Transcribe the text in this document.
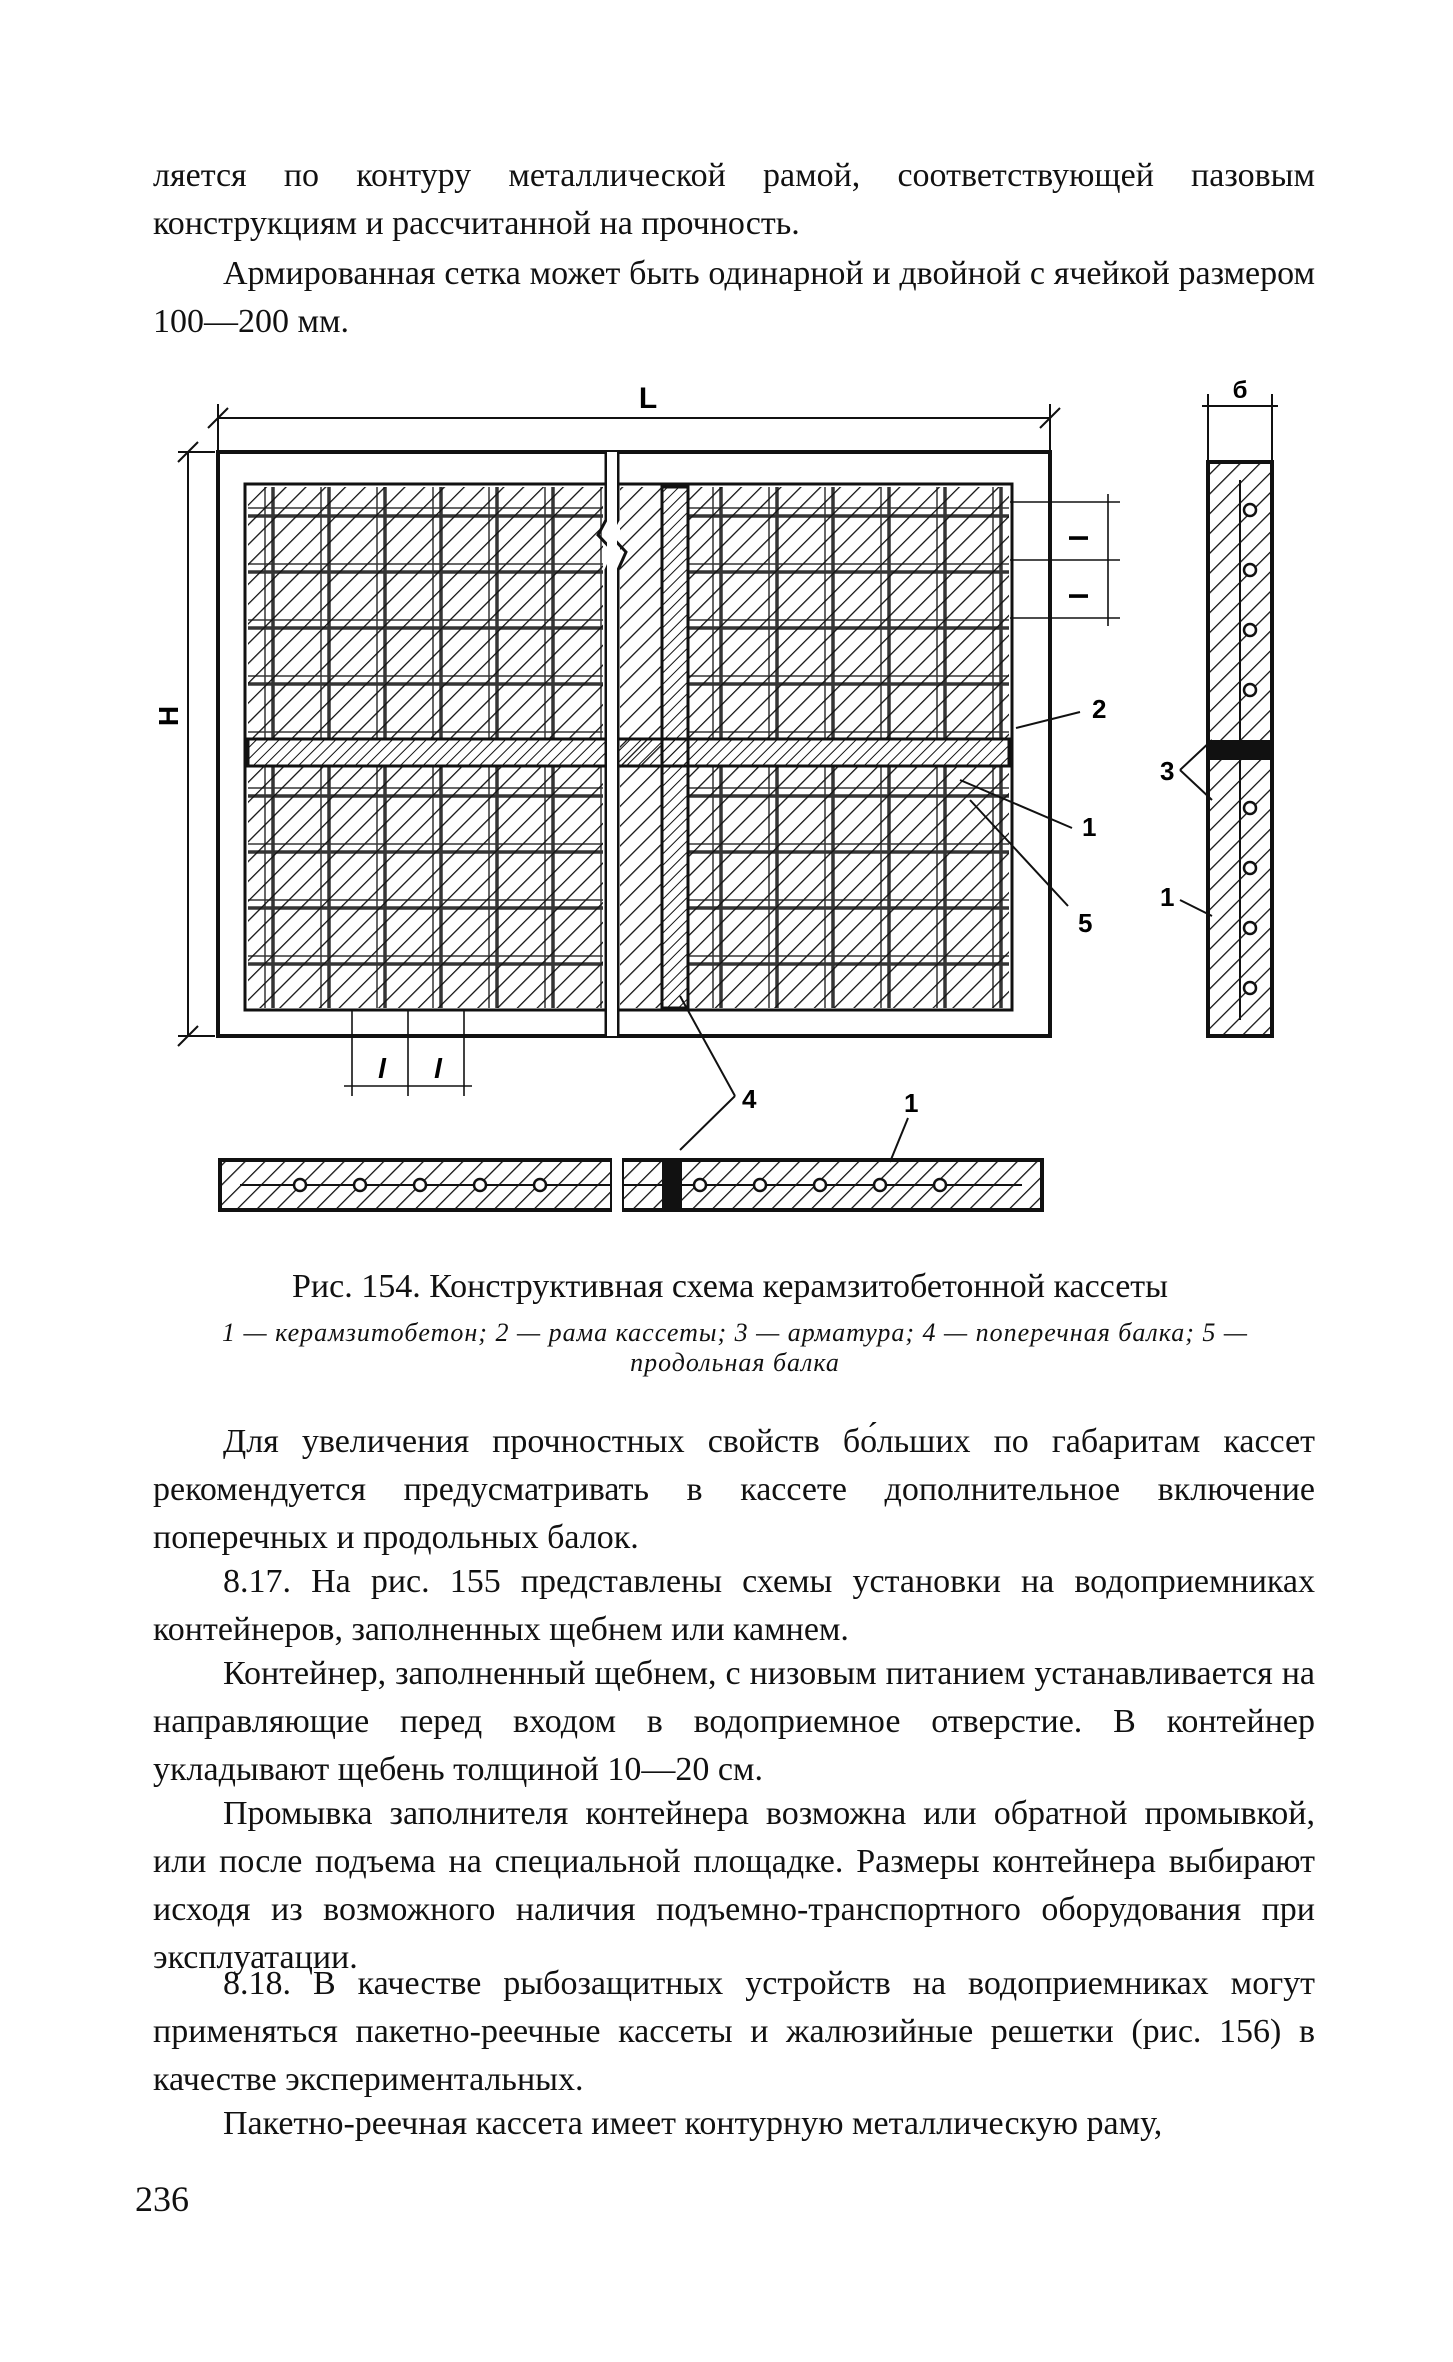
ляется по контуру металлической рамой, соответствующей пазовым конструкциям и рассчитанной на прочность.

Армированная сетка может быть одинарной и двойной с ячейкой размером 100—200 мм.

L
H
l
l
l l
2
1
5
4	1
б
3
1

Рис. 154. Конструктивная схема керамзитобетонной кассеты

1 — керамзитобетон; 2 — рама кассеты; 3 — арматура; 4 — поперечная балка; 5 — продольная балка

Для увеличения прочностных свойств бо́льших по габаритам кассет рекомендуется предусматривать в кассете дополнительное включение поперечных и продольных балок.

8.17. На рис. 155 представлены схемы установки на водоприемниках контейнеров, заполненных щебнем или камнем.

Контейнер, заполненный щебнем, с низовым питанием устанавливается на направляющие перед входом в водоприемное отверстие. В контейнер укладывают щебень толщиной 10—20 см.

Промывка заполнителя контейнера возможна или обратной промывкой, или после подъема на специальной площадке. Размеры контейнера выбирают исходя из возможного наличия подъемно-транспортного оборудования при эксплуатации.

8.18. В качестве рыбозащитных устройств на водоприемниках могут применяться пакетно-реечные кассеты и жалюзийные решетки (рис. 156) в качестве экспериментальных.

Пакетно-реечная кассета имеет контурную металлическую раму,

236
